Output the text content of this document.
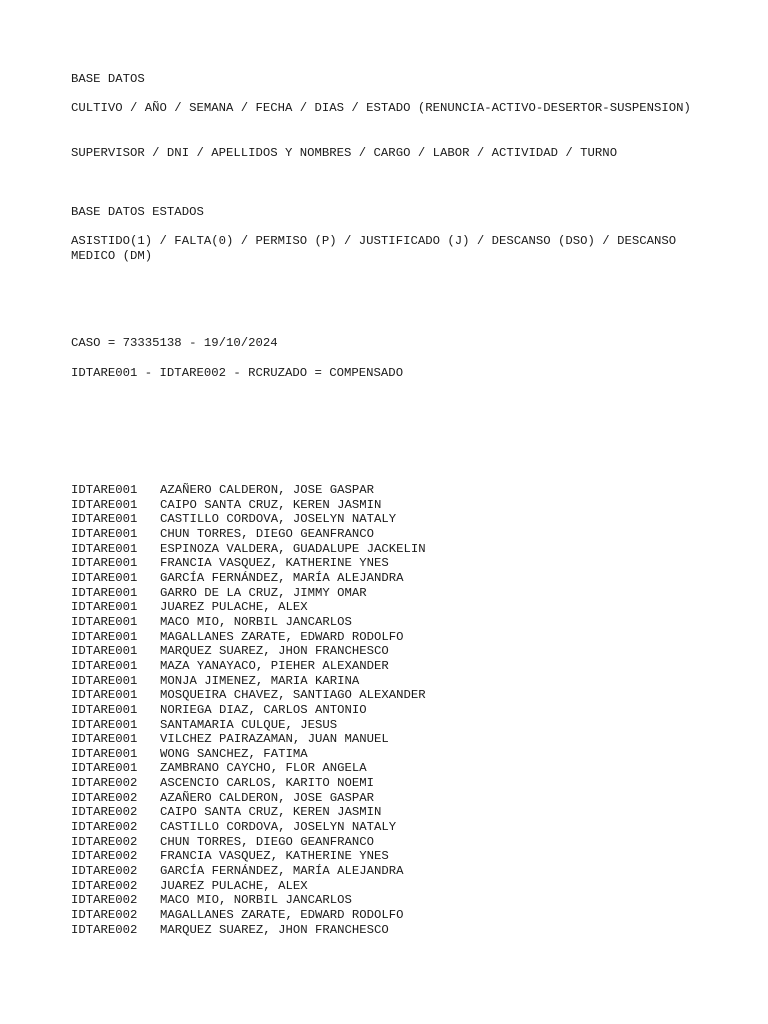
BASE DATOS
CULTIVO / AÑO / SEMANA / FECHA / DIAS / ESTADO (RENUNCIA-ACTIVO-DESERTOR-SUSPENSION)
SUPERVISOR / DNI / APELLIDOS Y NOMBRES / CARGO / LABOR / ACTIVIDAD / TURNO
BASE DATOS ESTADOS
ASISTIDO(1) / FALTA(0) / PERMISO (P) / JUSTIFICADO (J) / DESCANSO (DSO) / DESCANSO MEDICO (DM)
CASO = 73335138 - 19/10/2024
IDTARE001 - IDTARE002 - RCRUZADO = COMPENSADO
IDTARE001	AZAÑERO CALDERON, JOSE GASPAR
IDTARE001	CAIPO SANTA CRUZ, KEREN JASMIN
IDTARE001	CASTILLO CORDOVA, JOSELYN NATALY
IDTARE001	CHUN TORRES, DIEGO GEANFRANCO
IDTARE001	ESPINOZA VALDERA, GUADALUPE JACKELIN
IDTARE001	FRANCIA VASQUEZ, KATHERINE YNES
IDTARE001	GARCÍA FERNÁNDEZ, MARÍA ALEJANDRA
IDTARE001	GARRO DE LA CRUZ, JIMMY OMAR
IDTARE001	JUAREZ PULACHE, ALEX
IDTARE001	MACO MIO, NORBIL JANCARLOS
IDTARE001	MAGALLANES ZARATE, EDWARD RODOLFO
IDTARE001	MARQUEZ SUAREZ, JHON FRANCHESCO
IDTARE001	MAZA YANAYACO, PIEHER ALEXANDER
IDTARE001	MONJA JIMENEZ, MARIA KARINA
IDTARE001	MOSQUEIRA CHAVEZ, SANTIAGO ALEXANDER
IDTARE001	NORIEGA DIAZ, CARLOS ANTONIO
IDTARE001	SANTAMARIA CULQUE, JESUS
IDTARE001	VILCHEZ PAIRAZAMAN, JUAN MANUEL
IDTARE001	WONG SANCHEZ, FATIMA
IDTARE001	ZAMBRANO CAYCHO, FLOR ANGELA
IDTARE002	ASCENCIO CARLOS, KARITO NOEMI
IDTARE002	AZAÑERO CALDERON, JOSE GASPAR
IDTARE002	CAIPO SANTA CRUZ, KEREN JASMIN
IDTARE002	CASTILLO CORDOVA, JOSELYN NATALY
IDTARE002	CHUN TORRES, DIEGO GEANFRANCO
IDTARE002	FRANCIA VASQUEZ, KATHERINE YNES
IDTARE002	GARCÍA FERNÁNDEZ, MARÍA ALEJANDRA
IDTARE002	JUAREZ PULACHE, ALEX
IDTARE002	MACO MIO, NORBIL JANCARLOS
IDTARE002	MAGALLANES ZARATE, EDWARD RODOLFO
IDTARE002	MARQUEZ SUAREZ, JHON FRANCHESCO
